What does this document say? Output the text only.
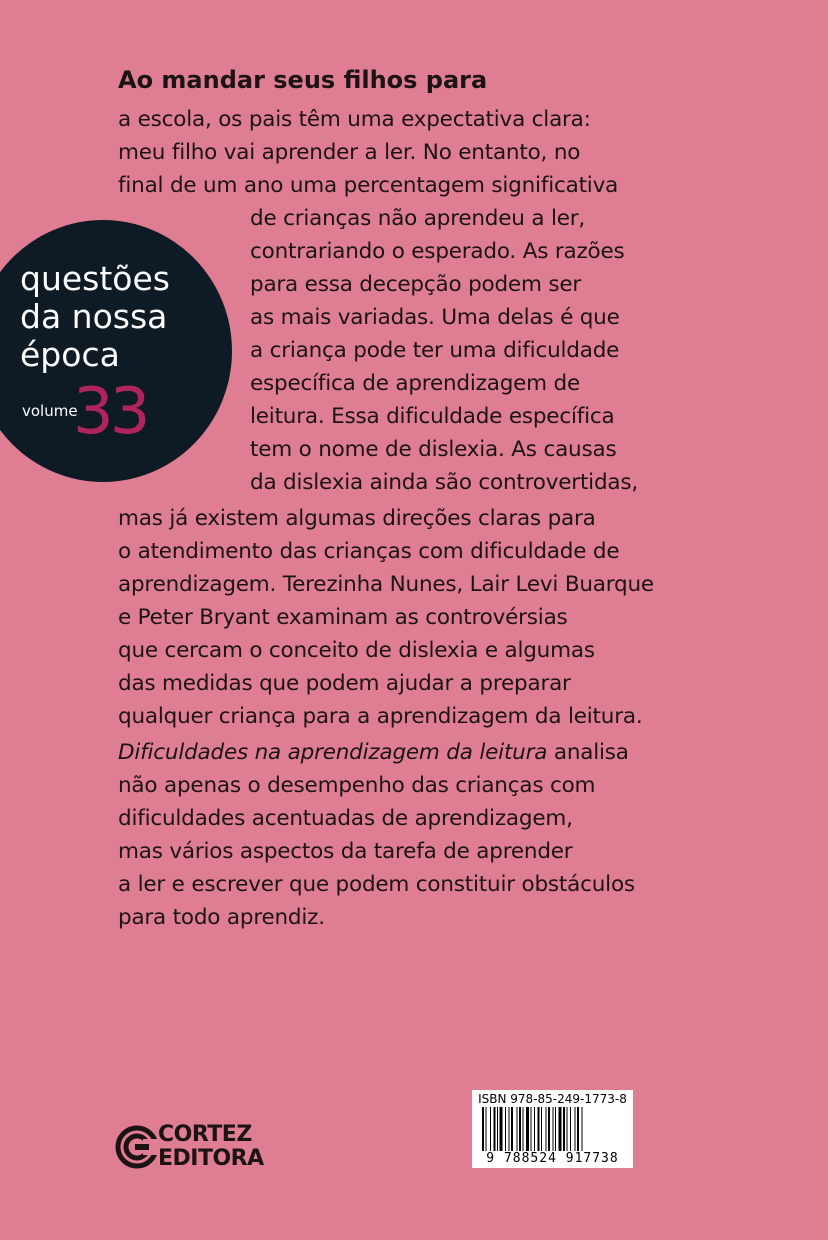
questões
da nossa
época
volume
33
Ao mandar seus filhos para
a escola, os pais têm uma expectativa clara:
meu filho vai aprender a ler. No entanto, no
final de um ano uma percentagem significativa
de crianças não aprendeu a ler,
contrariando o esperado. As razões
para essa decepção podem ser
as mais variadas. Uma delas é que
a criança pode ter uma dificuldade
específica de aprendizagem de
leitura. Essa dificuldade específica
tem o nome de dislexia. As causas
da dislexia ainda são controvertidas,
mas já existem algumas direções claras para
o atendimento das crianças com dificuldade de
aprendizagem. Terezinha Nunes, Lair Levi Buarque
e Peter Bryant examinam as controvérsias
que cercam o conceito de dislexia e algumas
das medidas que podem ajudar a preparar
qualquer criança para a aprendizagem da leitura.
Dificuldades na aprendizagem da leitura analisa
não apenas o desempenho das crianças com
dificuldades acentuadas de aprendizagem,
mas vários aspectos da tarefa de aprender
a ler e escrever que podem constituir obstáculos
para todo aprendiz.
CORTEZ
EDITORA
ISBN 978-85-249-1773-8
9 788524 917738
